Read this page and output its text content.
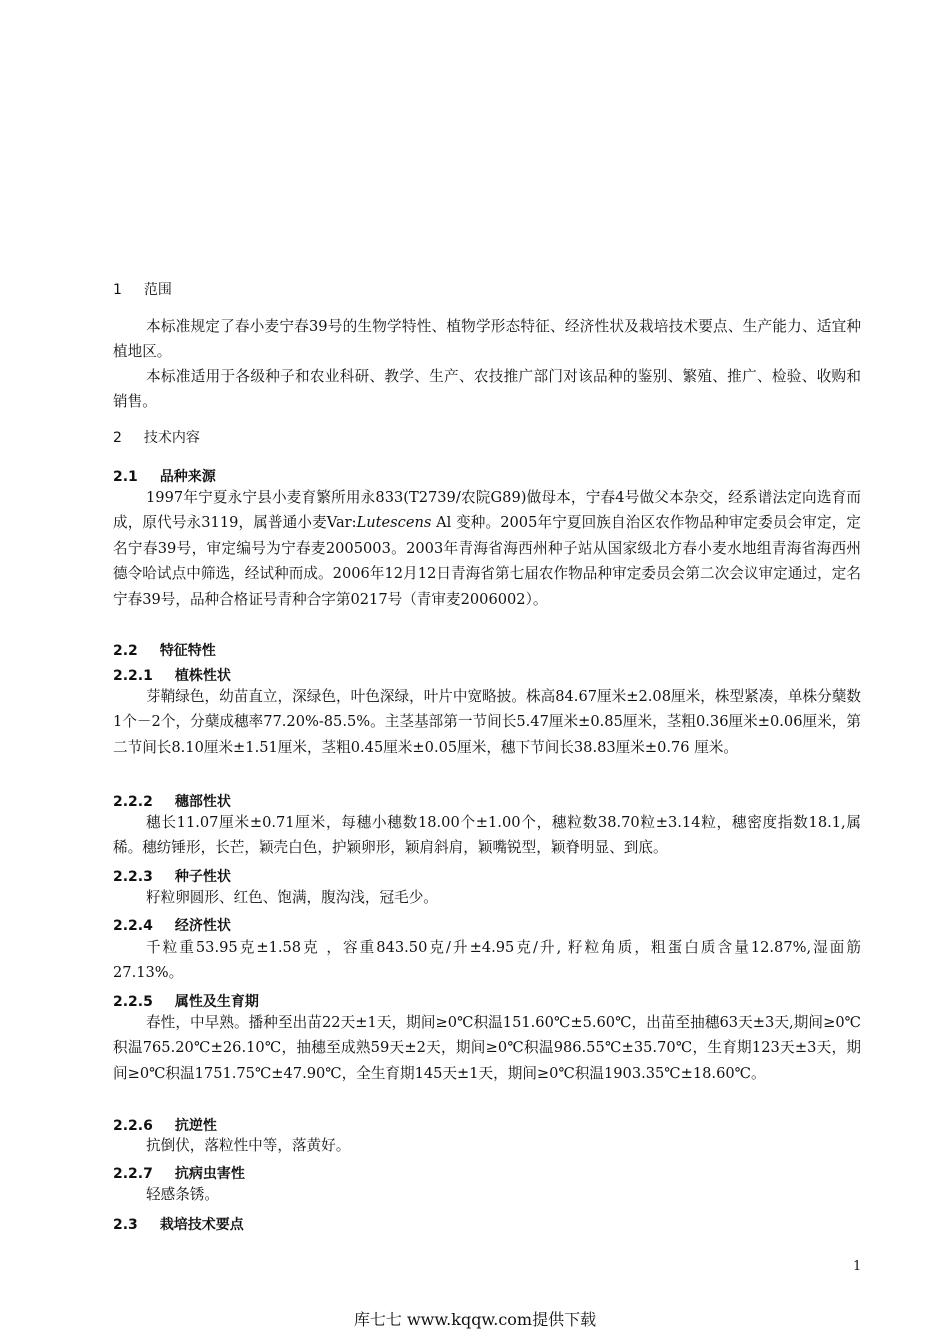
1 范围

本标准规定了春小麦宁春39号的生物学特性、植物学形态特征、经济性状及栽培技术要点、生产能力、适宜种植地区。

本标准适用于各级种子和农业科研、教学、生产、农技推广部门对该品种的鉴别、繁殖、推广、检验、收购和销售。

2 技术内容
2.1 品种来源

1997年宁夏永宁县小麦育繁所用永833(T2739/农院G89)做母本，宁春4号做父本杂交，经系谱法定向选育而成，原代号永3119，属普通小麦Var:Lutescens Al 变种。2005年宁夏回族自治区农作物品种审定委员会审定，定名宁春39号，审定编号为宁春麦2005003。2003年青海省海西州种子站从国家级北方春小麦水地组青海省海西州德令哈试点中筛选，经试种而成。2006年12月12日青海省第七届农作物品种审定委员会第二次会议审定通过，定名宁春39号，品种合格证号青种合字第0217号（青审麦2006002）。

2.2 特征特性
2.2.1 植株性状

芽鞘绿色，幼苗直立，深绿色，叶色深绿，叶片中宽略披。株高84.67厘米±2.08厘米，株型紧凑，单株分蘖数1个－2个，分蘖成穗率77.20%-85.5%。主茎基部第一节间长5.47厘米±0.85厘米，茎粗0.36厘米±0.06厘米，第二节间长8.10厘米±1.51厘米，茎粗0.45厘米±0.05厘米，穗下节间长38.83厘米±0.76 厘米。

2.2.2 穗部性状

穗长11.07厘米±0.71厘米，每穗小穗数18.00个±1.00个，穗粒数38.70粒±3.14粒，穗密度指数18.1,属稀。穗纺锤形，长芒，颖壳白色，护颖卵形，颖肩斜肩，颖嘴锐型，颖脊明显、到底。

2.2.3 种子性状

籽粒卵圆形、红色、饱满，腹沟浅，冠毛少。

2.2.4 经济性状

千粒重53.95克±1.58克 ，容重843.50克/升±4.95克/升, 籽粒角质，粗蛋白质含量12.87%,湿面筋27.13%。

2.2.5 属性及生育期

春性，中早熟。播种至出苗22天±1天，期间≥0℃积温151.60℃±5.60℃，出苗至抽穗63天±3天,期间≥0℃积温765.20℃±26.10℃，抽穗至成熟59天±2天，期间≥0℃积温986.55℃±35.70℃，生育期123天±3天，期间≥0℃积温1751.75℃±47.90℃，全生育期145天±1天，期间≥0℃积温1903.35℃±18.60℃。

2.2.6 抗逆性

抗倒伏，落粒性中等，落黄好。

2.2.7 抗病虫害性

轻感条锈。

2.3 栽培技术要点
1
库七七 www.kqqw.com提供下载
